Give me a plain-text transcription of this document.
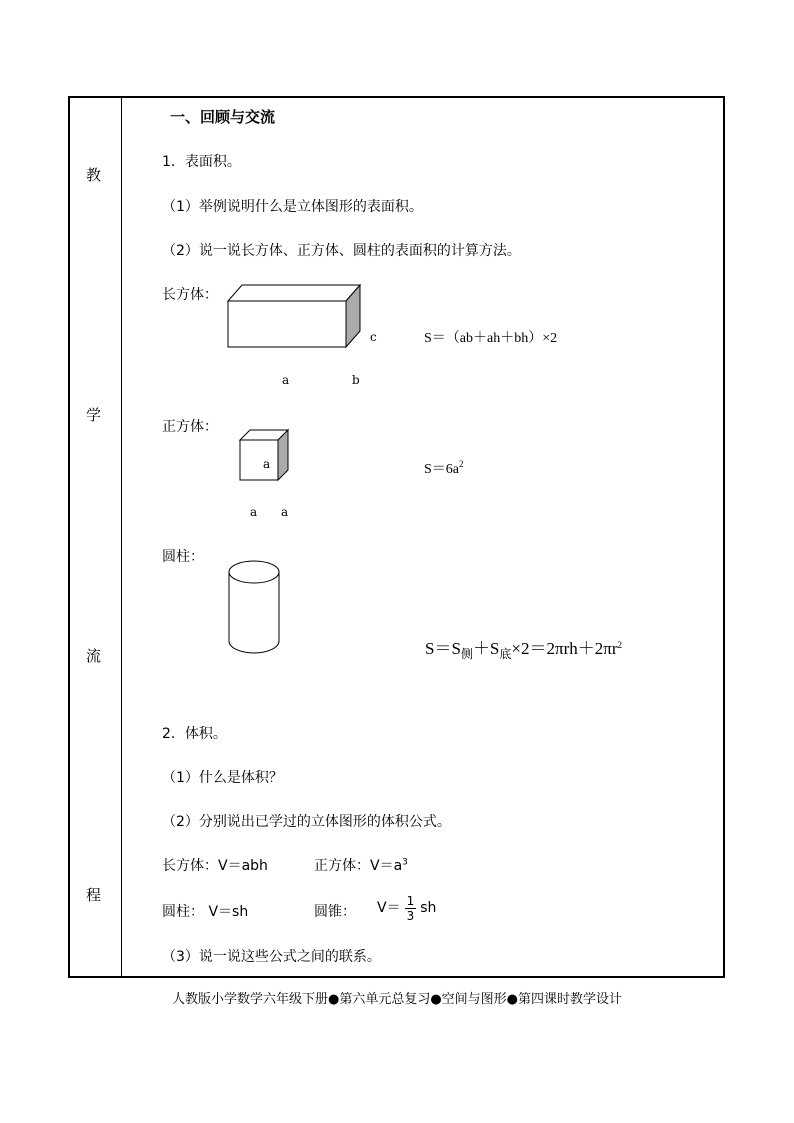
教
学
流
程
一、回顾与交流
1．表面积。
（1）举例说明什么是立体图形的表面积。
（2）说一说长方体、正方体、圆柱的表面积的计算方法。
长方体：
c
a	b
S＝（ab＋ah＋bh）×2
正方体：
a
a a
$S=6a^2$
圆柱：
$S=S_侧+S_底\times 2=2\pi rh+2\pi r^2$
2．体积。
（1）什么是体积？
（2）分别说出已学过的立体图形的体积公式。
长方体：V＝abh	正方体：$V=a^3$
圆柱： V＝sh	圆锥： $V= \frac{1}{3}$ sh
（3）说一说这些公式之间的联系。
人教版小学数学六年级下册●第六单元总复习●空间与图形●第四课时教学设计
